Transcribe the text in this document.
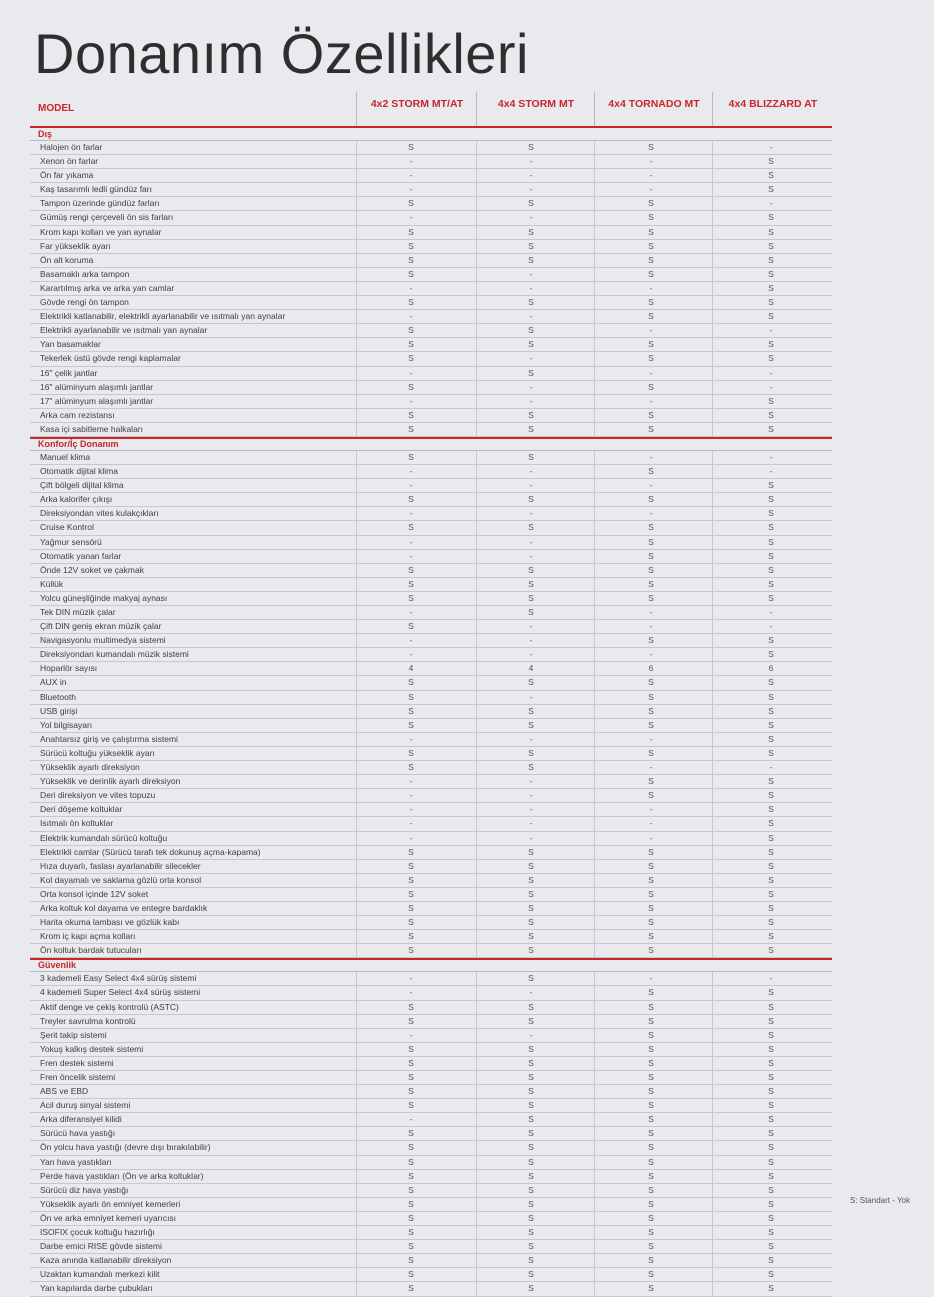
Donanım Özellikleri
MODEL	4x2 STORM MT/AT	4x4 STORM MT	4x4 TORNADO MT	4x4 BLIZZARD AT
Dış
Halojen ön farlar	S	S	S	-
Xenon ön farlar	-	-	-	S
Ön far yıkama	-	-	-	S
Kaş tasarımlı ledli gündüz farı	-	-	-	S
Tampon üzerinde gündüz farları	S	S	S	-
Gümüş rengi çerçeveli ön sis farları	-	-	S	S
Krom kapı kolları ve yan aynalar	S	S	S	S
Far yükseklik ayarı	S	S	S	S
Ön alt koruma	S	S	S	S
Basamaklı arka tampon	S	-	S	S
Karartılmış arka ve arka yan camlar	-	-	-	S
Gövde rengi ön tampon	S	S	S	S
Elektrikli katlanabilir, elektrikli ayarlanabilir ve ısıtmalı yan aynalar	-	-	S	S
Elektrikli ayarlanabilir ve ısıtmalı yan aynalar	S	S	-	-
Yan basamaklar	S	S	S	S
Tekerlek üstü gövde rengi kaplamalar	S	-	S	S
16" çelik jantlar	-	S	-	-
16" alüminyum alaşımlı jantlar	S	-	S	-
17" alüminyum alaşımlı jantlar	-	-	-	S
Arka cam rezistansı	S	S	S	S
Kasa içi sabitleme halkaları	S	S	S	S
Konfor/İç Donanım
Manuel klima	S	S	-	-
Otomatik dijital klima	-	-	S	-
Çift bölgeli dijital klima	-	-	-	S
Arka kalorifer çıkışı	S	S	S	S
Direksiyondan vites kulakçıkları	-	-	-	S
Cruise Kontrol	S	S	S	S
Yağmur sensörü	-	-	S	S
Otomatik yanan farlar	-	-	S	S
Önde 12V soket ve çakmak	S	S	S	S
Küllük	S	S	S	S
Yolcu güneşliğinde makyaj aynası	S	S	S	S
Tek DIN müzik çalar	-	S	-	-
Çift DIN geniş ekran müzik çalar	S	-	-	-
Navigasyonlu multimedya sistemi	-	-	S	S
Direksiyondan kumandalı müzik sistemi	-	-	-	S
Hoparlör sayısı	4	4	6	6
AUX in	S	S	S	S
Bluetooth	S	-	S	S
USB girişi	S	S	S	S
Yol bilgisayarı	S	S	S	S
Anahtarsız giriş ve çalıştırma sistemi	-	-	-	S
Sürücü koltuğu yükseklik ayarı	S	S	S	S
Yükseklik ayarlı direksiyon	S	S	-	-
Yükseklik ve derinlik ayarlı direksiyon	-	-	S	S
Deri direksiyon ve vites topuzu	-	-	S	S
Deri döşeme koltuklar	-	-	-	S
Isıtmalı ön koltuklar	-	-	-	S
Elektrik kumandalı sürücü koltuğu	-	-	-	S
Elektrikli camlar (Sürücü tarafı tek dokunuş açma-kapama)	S	S	S	S
Hıza duyarlı, faslası ayarlanabilir silecekler	S	S	S	S
Kol dayamalı ve saklama gözlü orta konsol	S	S	S	S
Orta konsol içinde 12V soket	S	S	S	S
Arka koltuk kol dayama ve entegre bardaklık	S	S	S	S
Harita okuma lambası ve gözlük kabı	S	S	S	S
Krom iç kapı açma kolları	S	S	S	S
Ön koltuk bardak tutucuları	S	S	S	S
Güvenlik
3 kademeli Easy Select 4x4 sürüş sistemi	-	S	-	-
4 kademeli Super Select 4x4 sürüş sistemi	-	-	S	S
Aktif denge ve çekiş kontrolü (ASTC)	S	S	S	S
Treyler savrulma kontrolü	S	S	S	S
Şerit takip sistemi	-	-	S	S
Yokuş kalkış destek sistemi	S	S	S	S
Fren destek sistemi	S	S	S	S
Fren öncelik sistemi	S	S	S	S
ABS ve EBD	S	S	S	S
Acil duruş sinyal sistemi	S	S	S	S
Arka diferansiyel kilidi	-	S	S	S
Sürücü hava yastığı	S	S	S	S
Ön yolcu hava yastığı (devre dışı bırakılabilir)	S	S	S	S
Yan hava yastıkları	S	S	S	S
Perde hava yastıkları (Ön ve arka koltuklar)	S	S	S	S
Sürücü diz hava yastığı	S	S	S	S
Yükseklik ayarlı ön emniyet kemerleri	S	S	S	S
Ön ve arka emniyet kemeri uyarıcısı	S	S	S	S
ISOFIX çocuk koltuğu hazırlığı	S	S	S	S
Darbe emici RISE gövde sistemi	S	S	S	S
Kaza anında katlanabilir direksiyon	S	S	S	S
Uzaktan kumandalı merkezi kilit	S	S	S	S
Yan kapılarda darbe çubukları	S	S	S	S
S: Standart - Yok
